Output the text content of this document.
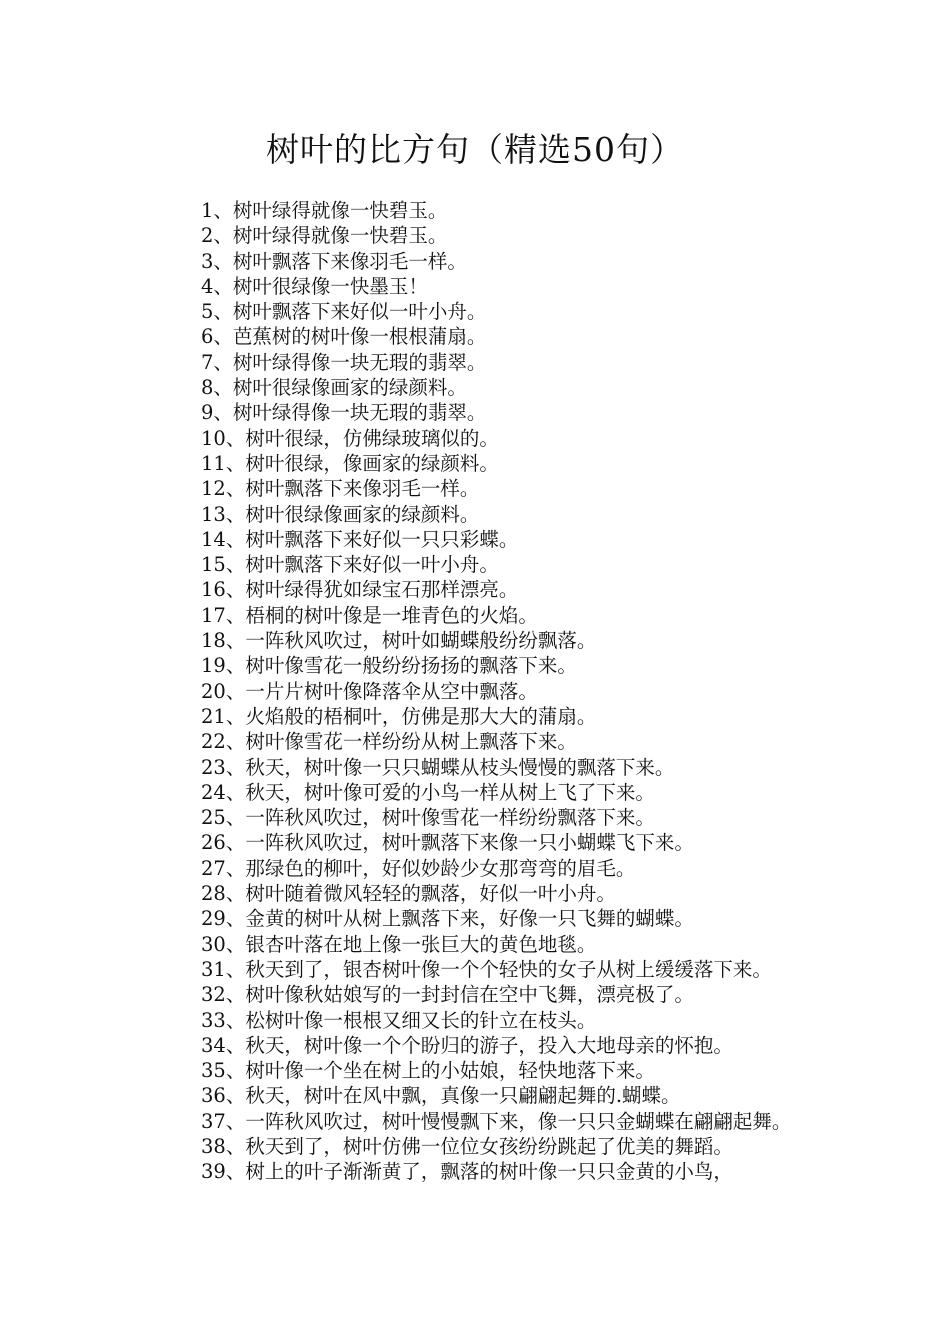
树叶的比方句（精选50句）
1、树叶绿得就像一快碧玉。
2、树叶绿得就像一快碧玉。
3、树叶飘落下来像羽毛一样。
4、树叶很绿像一快墨玉！
5、树叶飘落下来好似一叶小舟。
6、芭蕉树的树叶像一根根蒲扇。
7、树叶绿得像一块无瑕的翡翠。
8、树叶很绿像画家的绿颜料。
9、树叶绿得像一块无瑕的翡翠。
10、树叶很绿，仿佛绿玻璃似的。
11、树叶很绿，像画家的绿颜料。
12、树叶飘落下来像羽毛一样。
13、树叶很绿像画家的绿颜料。
14、树叶飘落下来好似一只只彩蝶。
15、树叶飘落下来好似一叶小舟。
16、树叶绿得犹如绿宝石那样漂亮。
17、梧桐的树叶像是一堆青色的火焰。
18、一阵秋风吹过，树叶如蝴蝶般纷纷飘落。
19、树叶像雪花一般纷纷扬扬的飘落下来。
20、一片片树叶像降落伞从空中飘落。
21、火焰般的梧桐叶，仿佛是那大大的蒲扇。
22、树叶像雪花一样纷纷从树上飘落下来。
23、秋天，树叶像一只只蝴蝶从枝头慢慢的飘落下来。
24、秋天，树叶像可爱的小鸟一样从树上飞了下来。
25、一阵秋风吹过，树叶像雪花一样纷纷飘落下来。
26、一阵秋风吹过，树叶飘落下来像一只小蝴蝶飞下来。
27、那绿色的柳叶，好似妙龄少女那弯弯的眉毛。
28、树叶随着微风轻轻的飘落，好似一叶小舟。
29、金黄的树叶从树上飘落下来，好像一只飞舞的蝴蝶。
30、银杏叶落在地上像一张巨大的黄色地毯。
31、秋天到了，银杏树叶像一个个轻快的女子从树上缓缓落下来。
32、树叶像秋姑娘写的一封封信在空中飞舞，漂亮极了。
33、松树叶像一根根又细又长的针立在枝头。
34、秋天，树叶像一个个盼归的游子，投入大地母亲的怀抱。
35、树叶像一个坐在树上的小姑娘，轻快地落下来。
36、秋天，树叶在风中飘，真像一只翩翩起舞的.蝴蝶。
37、一阵秋风吹过，树叶慢慢飘下来，像一只只金蝴蝶在翩翩起舞。
38、秋天到了，树叶仿佛一位位女孩纷纷跳起了优美的舞蹈。
39、树上的叶子渐渐黄了，飘落的树叶像一只只金黄的小鸟，
